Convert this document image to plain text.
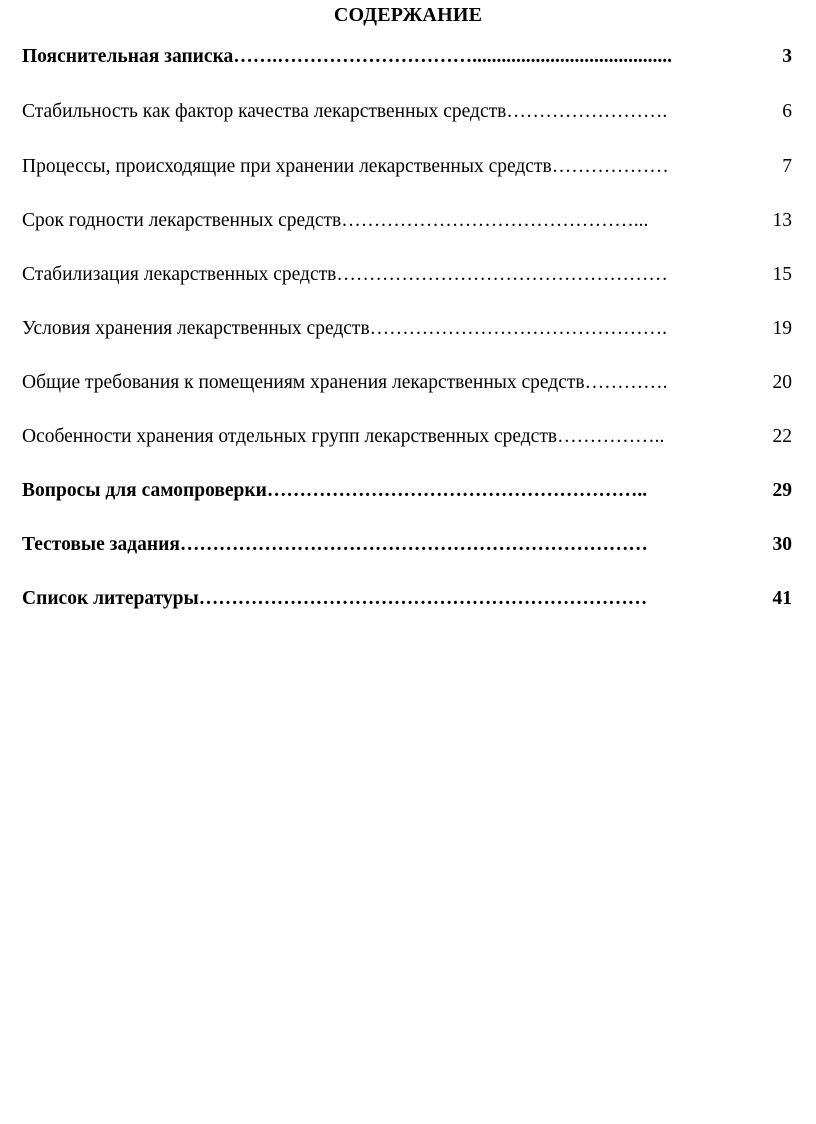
СОДЕРЖАНИЕ
Пояснительная записка…….………………………….........................................	3
Стабильность как фактор качества лекарственных средств…………………….	6
Процессы, происходящие при хранении лекарственных средств………………	7
Срок годности лекарственных средств………………………………………...	13
Стабилизация лекарственных средств……………………………………………	15
Условия хранения лекарственных средств……………………………………….	19
Общие требования к помещениям хранения лекарственных средств………….	20
Особенности хранения отдельных групп лекарственных средств……………..	22
Вопросы для самопроверки…………………………………………………..	29
Тестовые задания………………………………………………………………	30
Список литературы……………………………………………………………	41
